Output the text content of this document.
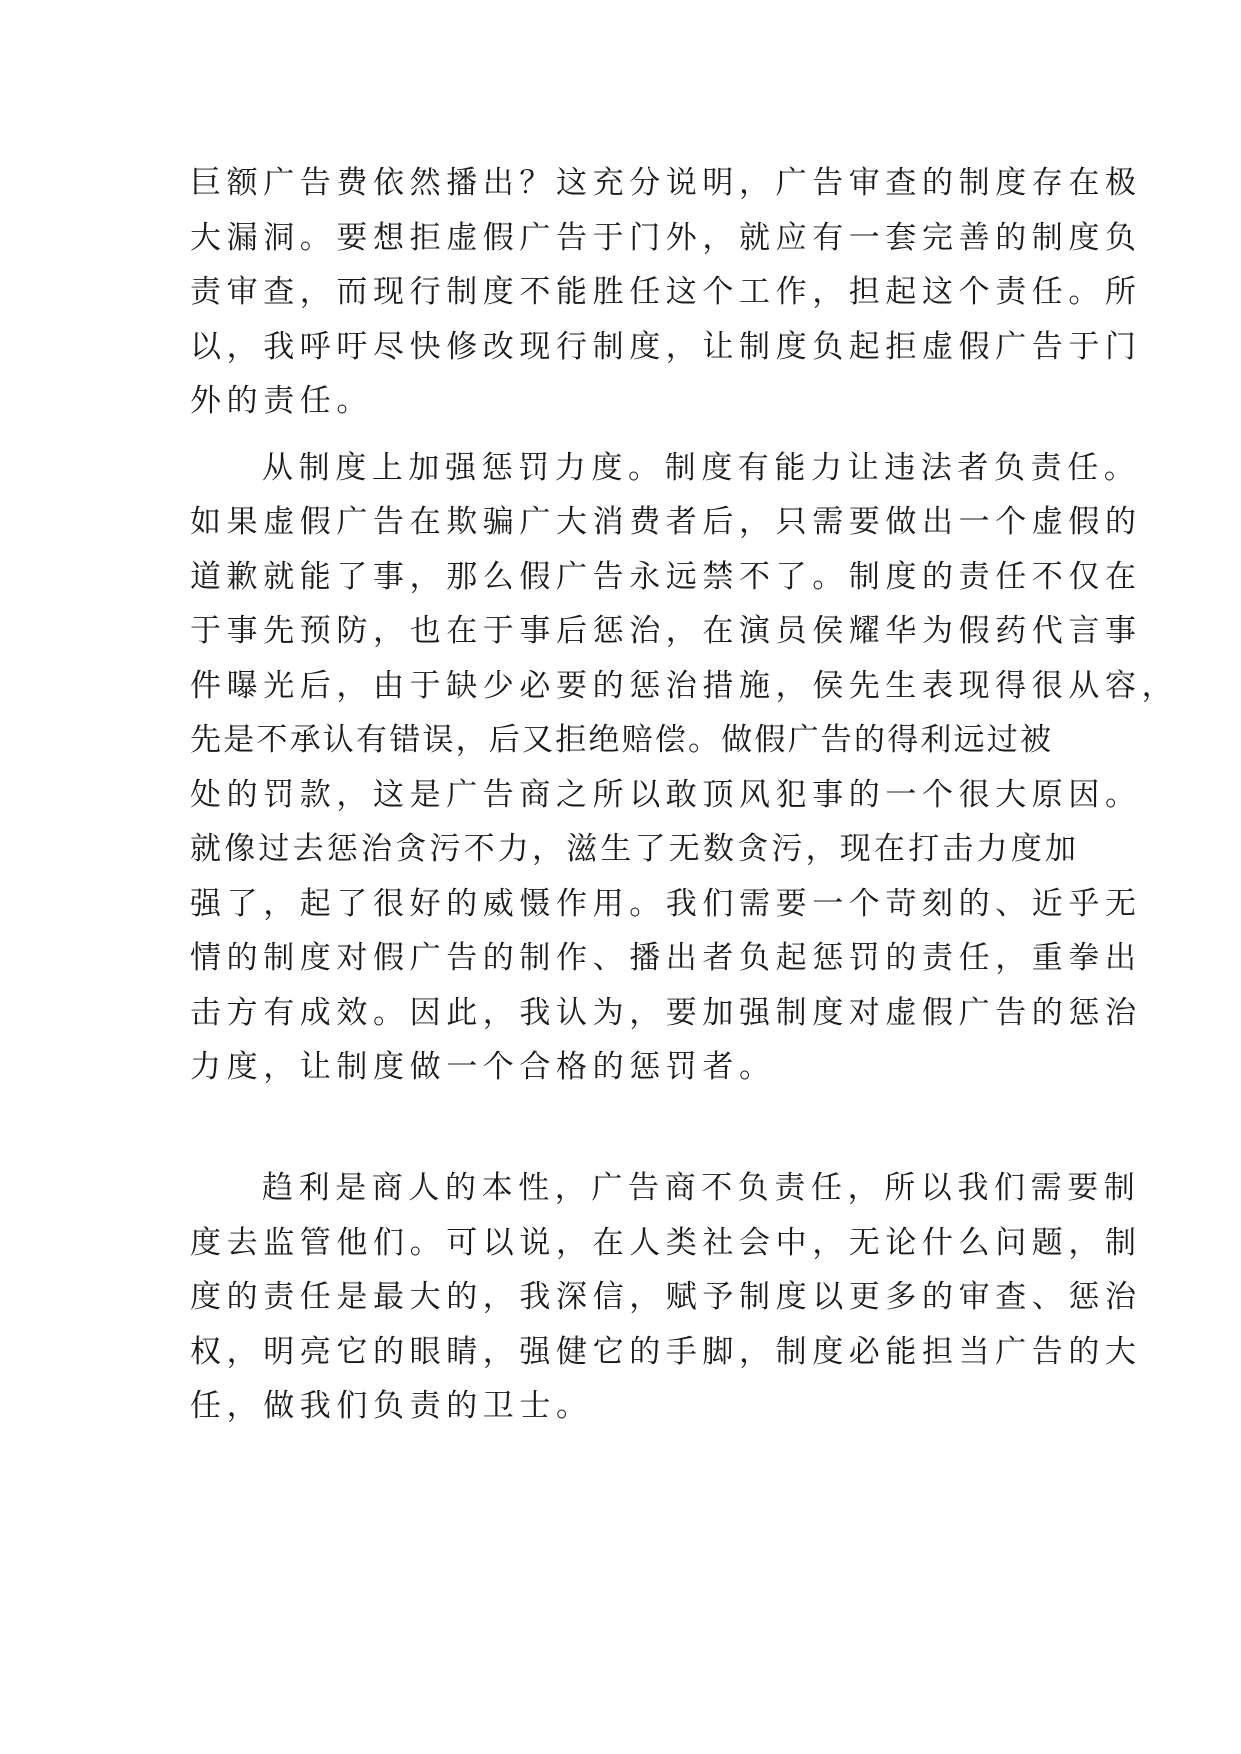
巨额广告费依然播出？这充分说明，广告审查的制度存在极
大漏洞。要想拒虚假广告于门外，就应有一套完善的制度负
责审查，而现行制度不能胜任这个工作，担起这个责任。所
以，我呼吁尽快修改现行制度，让制度负起拒虚假广告于门
外的责任。
从制度上加强惩罚力度。制度有能力让违法者负责任。
如果虚假广告在欺骗广大消费者后，只需要做出一个虚假的
道歉就能了事，那么假广告永远禁不了。制度的责任不仅在
于事先预防，也在于事后惩治，在演员侯耀华为假药代言事
件曝光后，由于缺少必要的惩治措施，侯先生表现得很从容，
先是不承认有错误，后又拒绝赔偿。做假广告的得利远过被
处的罚款，这是广告商之所以敢顶风犯事的一个很大原因。
就像过去惩治贪污不力，滋生了无数贪污，现在打击力度加
强了，起了很好的威慑作用。我们需要一个苛刻的、近乎无
情的制度对假广告的制作、播出者负起惩罚的责任，重拳出
击方有成效。因此，我认为，要加强制度对虚假广告的惩治
力度，让制度做一个合格的惩罚者。
趋利是商人的本性，广告商不负责任，所以我们需要制
度去监管他们。可以说，在人类社会中，无论什么问题，制
度的责任是最大的，我深信，赋予制度以更多的审查、惩治
权，明亮它的眼睛，强健它的手脚，制度必能担当广告的大
任，做我们负责的卫士。
